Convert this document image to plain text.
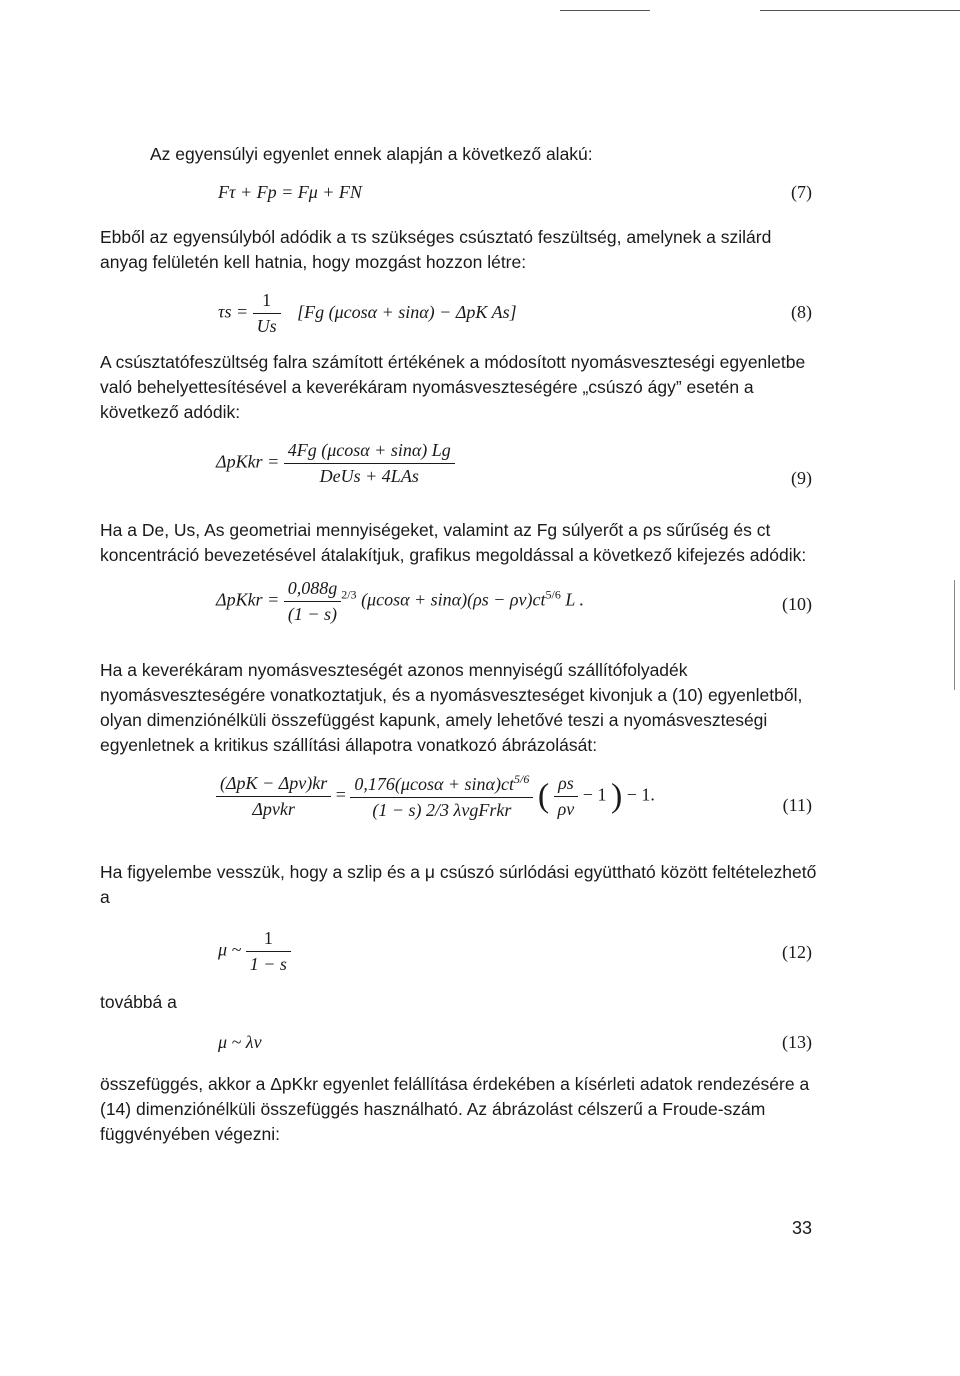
Az egyensúlyi egyenlet ennek alapján a következő alakú:

Fτ + Fp = Fμ + FN	(7)

Ebből az egyensúlyból adódik a τs szükséges csúsztató feszültség, amelynek a szilárd anyag felületén kell hatnia, hogy mozgást hozzon létre:

$\tau s = \frac{1}{Us} [Fg$ (μcosα + sinα) − ΔpK As]	(8)

A csúsztatófeszültség falra számított értékének a módosított nyomásveszteségi egyenletbe való behelyettesítésével a keverékáram nyomásveszteségére „csúszó ágy” esetén a következő adódik:

ΔpKkr = $\frac{4Fg (\mu\cos\alpha + \sin\alpha) Lg}{\text{DeUs + 4LAs}}$	(9)

Ha a De, Us, As geometriai mennyiségeket, valamint az Fg súlyerőt a ρs sűrűség és ct koncentráció bevezetésével átalakítjuk, grafikus megoldással a következő kifejezés adódik:

ΔpKkr = $\frac{0,088g}{(1 - s)} ^{2/3}$ $(\mu\cos\alpha + \sin\alpha)(\rho s - \rho v)ct^{5/6}$ L .	(10)

Ha a keverékáram nyomásveszteségét azonos mennyiségű szállítófolyadék nyomásveszteségére vonatkoztatjuk, és a nyomásveszteséget kivonjuk a (10) egyenletből, olyan dimenziónélküli összefüggést kapunk, amely lehetővé teszi a nyomásveszteségi egyenletnek a kritikus szállítási állapotra vonatkozó ábrázolását:

$\frac{\text{(ΔpK − Δpv)kr}}{\text{Δpvkr}} = \frac{0,176(\mu\cos\alpha + \sin\alpha)ct^{5/6}}{\text{(1 − s) 2/3 λvgFrkr}}$ ( $\frac{\rho s}{\rho v} - 1$ ) − 1.
(11)

Ha figyelembe vesszük, hogy a szlip és a μ csúszó súrlódási együttható között feltételezhető a

μ ~ $\frac{1}{1 - s}$	(12)

továbbá a

μ ~ λv	(13)

összefüggés, akkor a ΔpKkr egyenlet felállítása érdekében a kísérleti adatok rendezésére a (14) dimenziónélküli összefüggés használható. Az ábrázolást célszerű a Froude-szám függvényében végezni:

33
